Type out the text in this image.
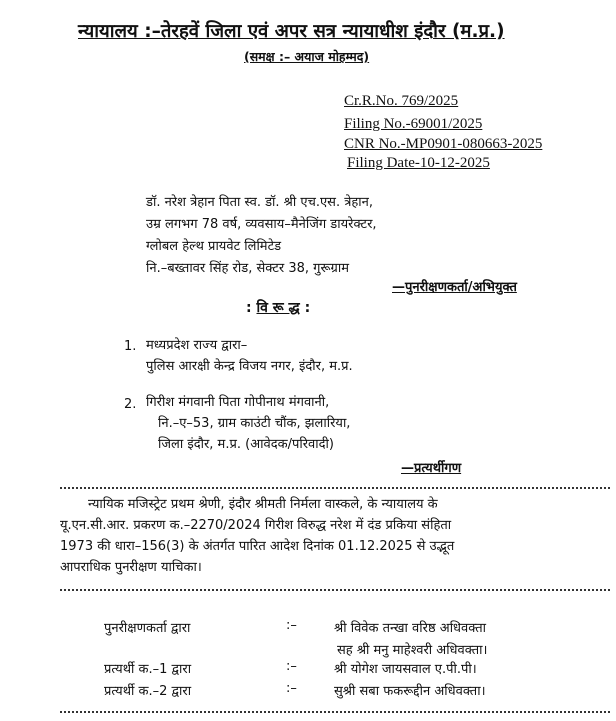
न्यायालय :–तेरहवें जिला एवं अपर सत्र न्यायाधीश इंदौर (म.प्र.)
(समक्ष :– अयाज मोहम्मद)
Cr.R.No. 769/2025
Filing No.-69001/2025
CNR No.-MP0901-080663-2025
Filing Date-10-12-2025
डॉ. नरेश त्रेहान पिता स्व. डॉ. श्री एच.एस. त्रेहान,
उम्र लगभग 78 वर्ष, व्यवसाय–मैनेजिंग डायरेक्टर,
ग्लोबल हेल्थ प्रायवेट लिमिटेड
नि.–बख्तावर सिंह रोड, सेक्टर 38, गुरूग्राम
—पुनरीक्षणकर्ता/अभियुक्त
: वि रू द्ध :
1. मध्यप्रदेश राज्य द्वारा–
पुलिस आरक्षी केन्द्र विजय नगर, इंदौर, म.प्र.
2. गिरीश मंगवानी पिता गोपीनाथ मंगवानी,
नि.–ए–53, ग्राम काउंटी चौंक, झलारिया,
जिला इंदौर, म.प्र. (आवेदक/परिवादी)
—प्रत्यर्थीगण
न्यायिक मजिस्ट्रेट प्रथम श्रेणी, इंदौर श्रीमती निर्मला वास्कले, के न्यायालय के
यू.एन.सी.आर. प्रकरण क.–2270/2024 गिरीश विरुद्ध नरेश में दंड प्रकिया संहिता
1973 की धारा–156(3) के अंतर्गत पारित आदेश दिनांक 01.12.2025 से उद्भूत
आपराधिक पुनरीक्षण याचिका।
पुनरीक्षणकर्ता द्वारा	:–	श्री विवेक तन्खा वरिष्ठ अधिवक्ता
सह श्री मनु माहेश्वरी अधिवक्ता।
प्रत्यर्थी क.–1 द्वारा	:–	श्री योगेश जायसवाल ए.पी.पी।
प्रत्यर्थी क.–2 द्वारा	:–	सुश्री सबा फकरूद्दीन अधिवक्ता।
